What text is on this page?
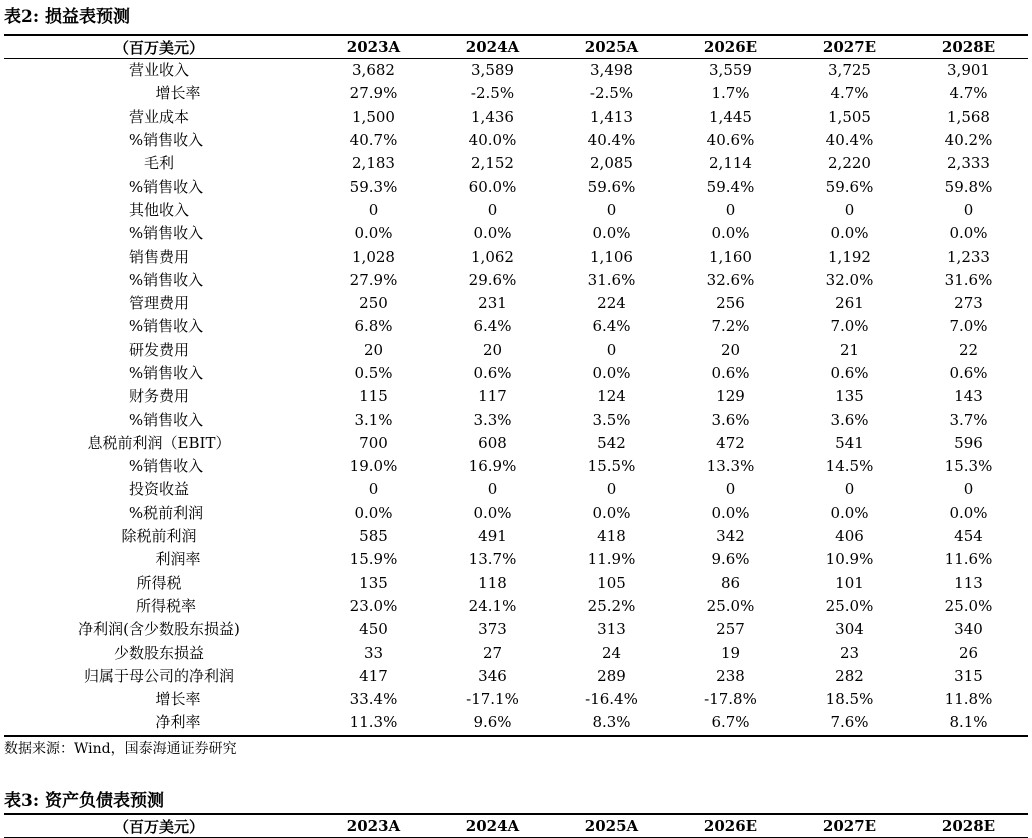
表2: 损益表预测
（百万美元）	2023A	2024A	2025A	2026E	2027E	2028E
营业收入	3,682	3,589	3,498	3,559	3,725	3,901
增长率	27.9%	-2.5%	-2.5%	1.7%	4.7%	4.7%
营业成本	1,500	1,436	1,413	1,445	1,505	1,568
%销售收入	40.7%	40.0%	40.4%	40.6%	40.4%	40.2%
毛利	2,183	2,152	2,085	2,114	2,220	2,333
%销售收入	59.3%	60.0%	59.6%	59.4%	59.6%	59.8%
其他收入	0	0	0	0	0	0
%销售收入	0.0%	0.0%	0.0%	0.0%	0.0%	0.0%
销售费用	1,028	1,062	1,106	1,160	1,192	1,233
%销售收入	27.9%	29.6%	31.6%	32.6%	32.0%	31.6%
管理费用	250	231	224	256	261	273
%销售收入	6.8%	6.4%	6.4%	7.2%	7.0%	7.0%
研发费用	20	20	0	20	21	22
%销售收入	0.5%	0.6%	0.0%	0.6%	0.6%	0.6%
财务费用	115	117	124	129	135	143
%销售收入	3.1%	3.3%	3.5%	3.6%	3.6%	3.7%
息税前利润（EBIT）	700	608	542	472	541	596
%销售收入	19.0%	16.9%	15.5%	13.3%	14.5%	15.3%
投资收益	0	0	0	0	0	0
%税前利润	0.0%	0.0%	0.0%	0.0%	0.0%	0.0%
除税前利润	585	491	418	342	406	454
利润率	15.9%	13.7%	11.9%	9.6%	10.9%	11.6%
所得税	135	118	105	86	101	113
所得税率	23.0%	24.1%	25.2%	25.0%	25.0%	25.0%
净利润(含少数股东损益)	450	373	313	257	304	340
少数股东损益	33	27	24	19	23	26
归属于母公司的净利润	417	346	289	238	282	315
增长率	33.4%	-17.1%	-16.4%	-17.8%	18.5%	11.8%
净利率	11.3%	9.6%	8.3%	6.7%	7.6%	8.1%
数据来源：Wind，国泰海通证券研究
表3: 资产负债表预测
（百万美元）	2023A	2024A	2025A	2026E	2027E	2028E
